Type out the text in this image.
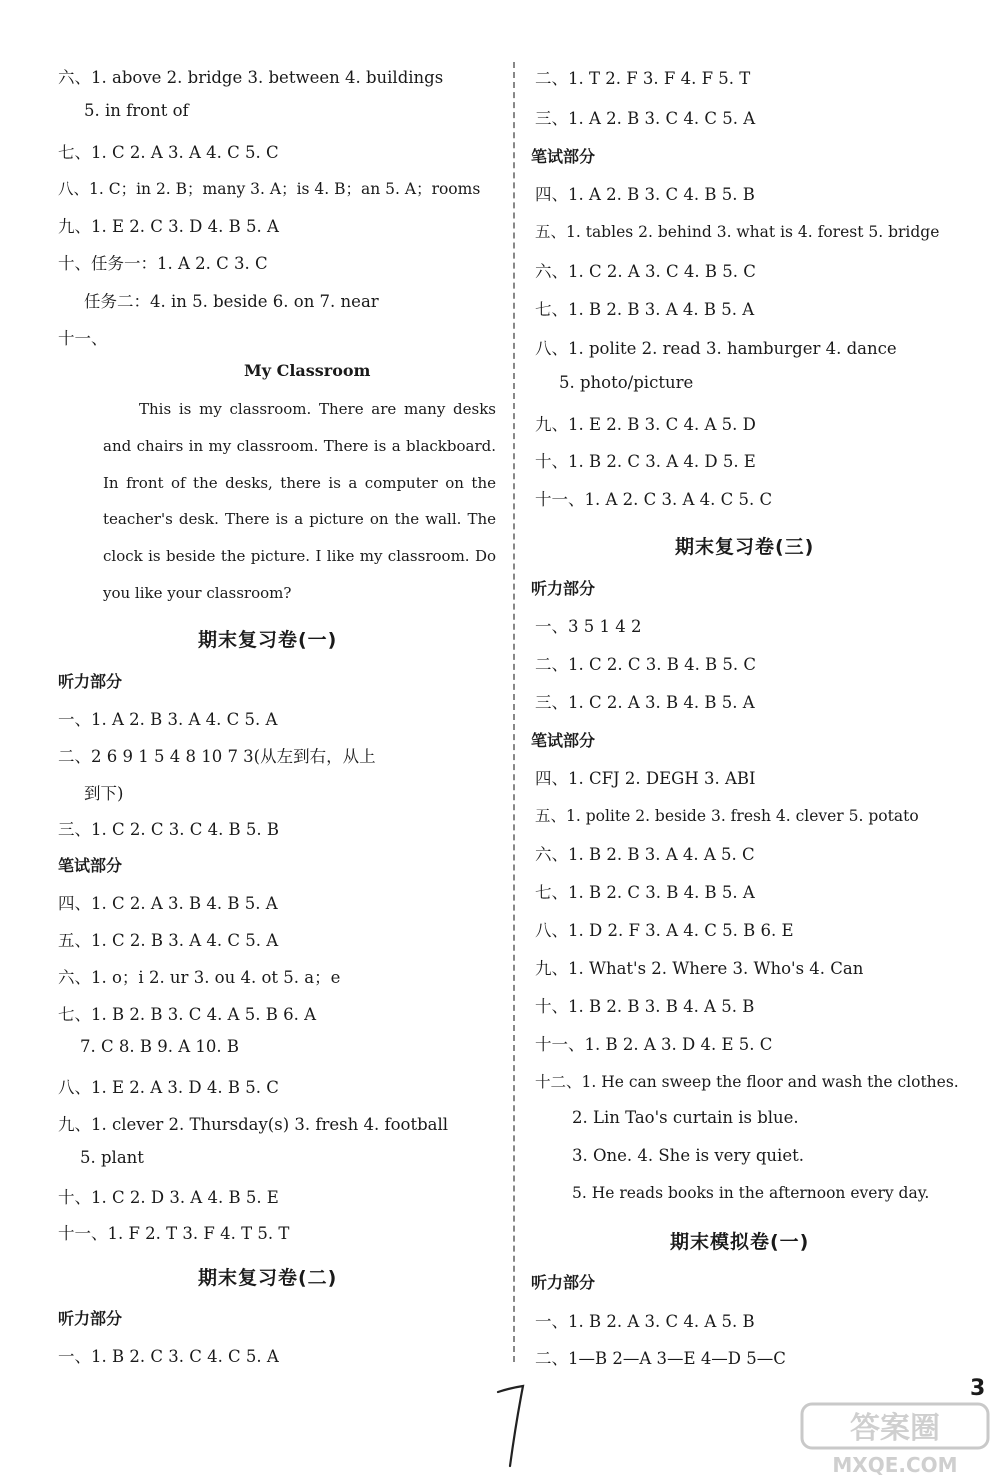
六、1. above 2. bridge 3. between 4. buildings
5. in front of
七、1. C 2. A 3. A 4. C 5. C
八、1. C；in 2. B；many 3. A；is 4. B；an 5. A；rooms
九、1. E 2. C 3. D 4. B 5. A
十、任务一：1. A 2. C 3. C
任务二：4. in 5. beside 6. on 7. near
十一、
My Classroom

This is my classroom. There are many desks and chairs in my classroom. There is a blackboard. In front of the desks, there is a computer on the teacher's desk. There is a picture on the wall. The clock is beside the picture. I like my classroom. Do you like your classroom?

期末复习卷(一)
听力部分
一、1. A 2. B 3. A 4. C 5. A
二、2 6 9 1 5 4 8 10 7 3(从左到右，从上
到下)
三、1. C 2. C 3. C 4. B 5. B
笔试部分
四、1. C 2. A 3. B 4. B 5. A
五、1. C 2. B 3. A 4. C 5. A
六、1. o；i 2. ur 3. ou 4. ot 5. a；e
七、1. B 2. B 3. C 4. A 5. B 6. A
7. C 8. B 9. A 10. B
八、1. E 2. A 3. D 4. B 5. C
九、1. clever 2. Thursday(s) 3. fresh 4. football
5. plant
十、1. C 2. D 3. A 4. B 5. E
十一、1. F 2. T 3. F 4. T 5. T
期末复习卷(二)
听力部分
一、1. B 2. C 3. C 4. C 5. A
二、1. T 2. F 3. F 4. F 5. T
三、1. A 2. B 3. C 4. C 5. A
笔试部分
四、1. A 2. B 3. C 4. B 5. B
五、1. tables 2. behind 3. what is 4. forest 5. bridge
六、1. C 2. A 3. C 4. B 5. C
七、1. B 2. B 3. A 4. B 5. A
八、1. polite 2. read 3. hamburger 4. dance
5. photo/picture
九、1. E 2. B 3. C 4. A 5. D
十、1. B 2. C 3. A 4. D 5. E
十一、1. A 2. C 3. A 4. C 5. C
期末复习卷(三)
听力部分
一、3 5 1 4 2
二、1. C 2. C 3. B 4. B 5. C
三、1. C 2. A 3. B 4. B 5. A
笔试部分
四、1. CFJ 2. DEGH 3. ABI
五、1. polite 2. beside 3. fresh 4. clever 5. potato
六、1. B 2. B 3. A 4. A 5. C
七、1. B 2. C 3. B 4. B 5. A
八、1. D 2. F 3. A 4. C 5. B 6. E
九、1. What's 2. Where 3. Who's 4. Can
十、1. B 2. B 3. B 4. A 5. B
十一、1. B 2. A 3. D 4. E 5. C
十二、1. He can sweep the floor and wash the clothes.
2. Lin Tao's curtain is blue.
3. One. 4. She is very quiet.
5. He reads books in the afternoon every day.
期末模拟卷(一)
听力部分
一、1. B 2. A 3. C 4. A 5. B
二、1—B 2—A 3—E 4—D 5—C
3
答案圈
MXQE.COM
